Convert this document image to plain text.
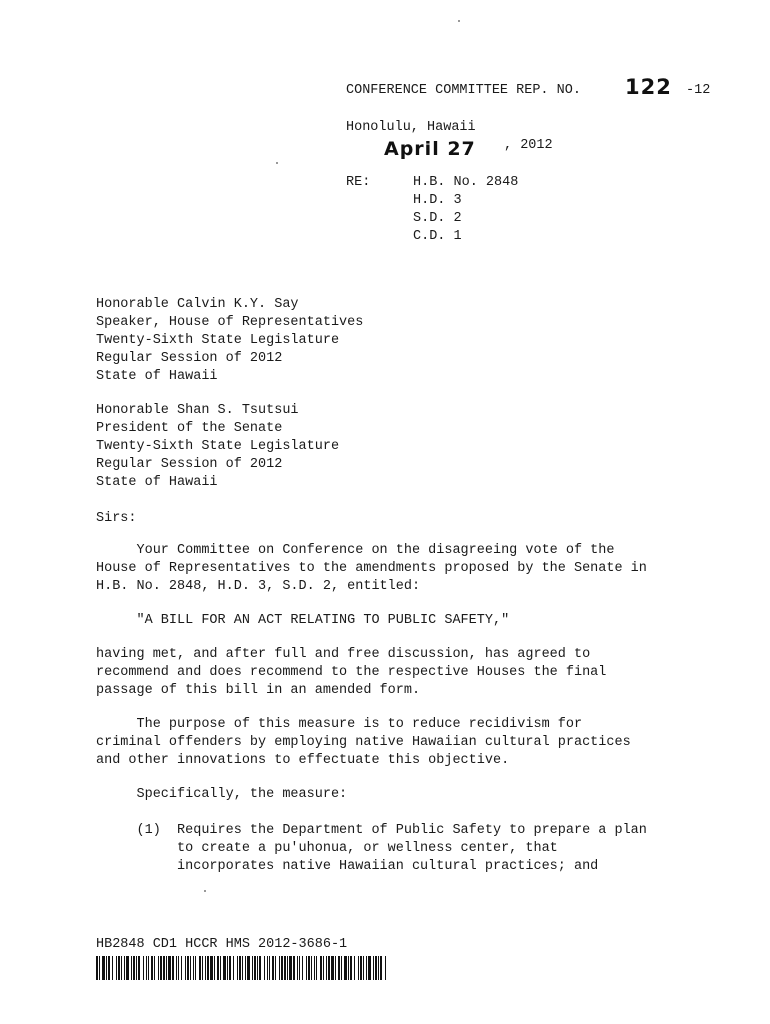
CONFERENCE COMMITTEE REP. NO. 122 -12
Honolulu, Hawaii
April 27 , 2012
RE:	H.B. No. 2848
H.D. 3
S.D. 2
C.D. 1
Honorable Calvin K.Y. Say
Speaker, House of Representatives
Twenty-Sixth State Legislature
Regular Session of 2012
State of Hawaii
Honorable Shan S. Tsutsui
President of the Senate
Twenty-Sixth State Legislature
Regular Session of 2012
State of Hawaii
Sirs:
Your Committee on Conference on the disagreeing vote of the
House of Representatives to the amendments proposed by the Senate in
H.B. No. 2848, H.D. 3, S.D. 2, entitled:
"A BILL FOR AN ACT RELATING TO PUBLIC SAFETY,"
having met, and after full and free discussion, has agreed to
recommend and does recommend to the respective Houses the final
passage of this bill in an amended form.
The purpose of this measure is to reduce recidivism for
criminal offenders by employing native Hawaiian cultural practices
and other innovations to effectuate this objective.
Specifically, the measure:
(1)  Requires the Department of Public Safety to prepare a plan
to create a pu'uhonua, or wellness center, that
incorporates native Hawaiian cultural practices; and
HB2848 CD1 HCCR HMS 2012-3686-1
